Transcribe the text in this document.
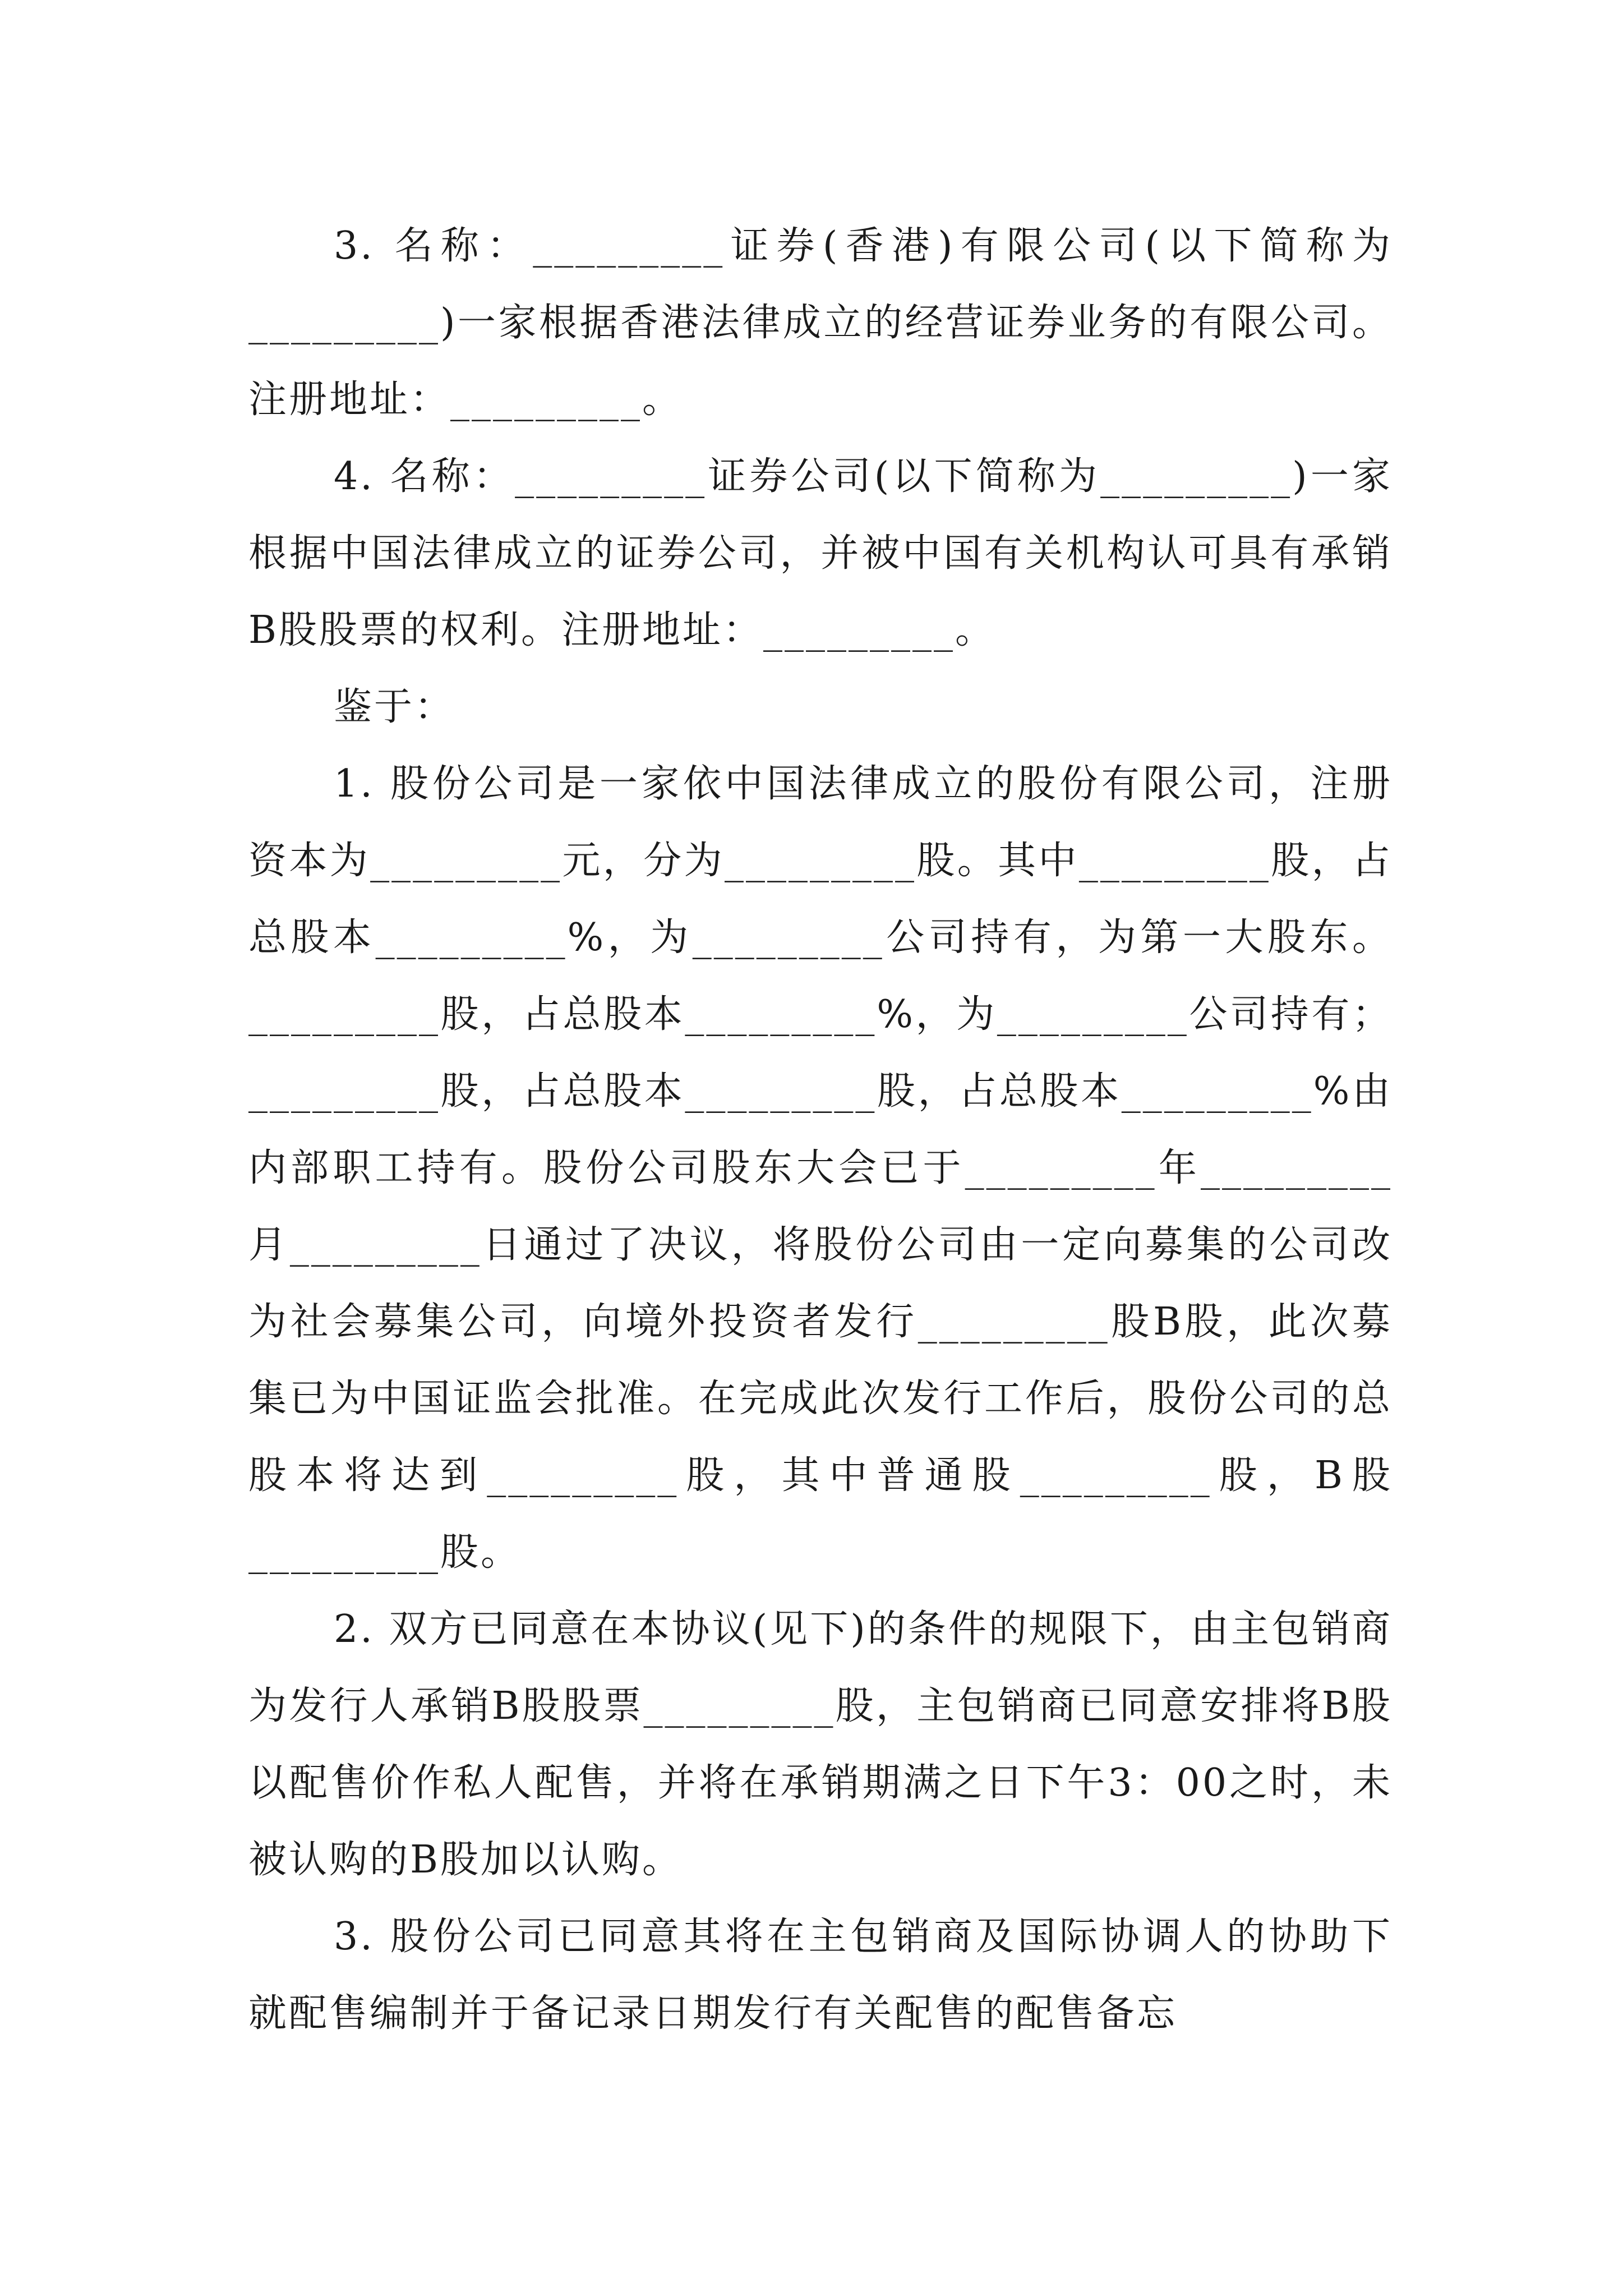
3. 名称：_________证券(香港)有限公司(以下简称为_________)一家根据香港法律成立的经营证券业务的有限公司。注册地址：_________。

4. 名称：_________证券公司(以下简称为_________)一家根据中国法律成立的证券公司，并被中国有关机构认可具有承销B股股票的权利。注册地址：_________。

鉴于：

1. 股份公司是一家依中国法律成立的股份有限公司，注册资本为_________元，分为_________股。其中_________股，占总股本_________%，为_________公司持有，为第一大股东。_________股，占总股本_________%，为_________公司持有；_________股，占总股本_________股，占总股本_________%由内部职工持有。股份公司股东大会已于_________年_________月_________日通过了决议，将股份公司由一定向募集的公司改为社会募集公司，向境外投资者发行_________股B股，此次募集已为中国证监会批准。在完成此次发行工作后，股份公司的总股本将达到_________股，其中普通股_________股，B股_________股。

2. 双方已同意在本协议(见下)的条件的规限下，由主包销商为发行人承销B股股票_________股，主包销商已同意安排将B股以配售价作私人配售，并将在承销期满之日下午3：00之时，未被认购的B股加以认购。

3. 股份公司已同意其将在主包销商及国际协调人的协助下就配售编制并于备记录日期发行有关配售的配售备忘
